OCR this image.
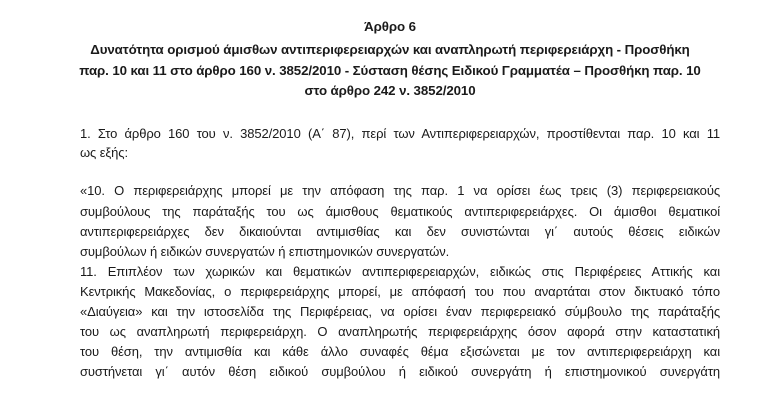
Άρθρο 6
Δυνατότητα ορισμού άμισθων αντιπεριφερειαρχών και αναπληρωτή περιφερειάρχη - Προσθήκη
παρ. 10 και 11 στο άρθρο 160 ν. 3852/2010 - Σύσταση θέσης Ειδικού Γραμματέα – Προσθήκη παρ. 10
στο άρθρο 242 ν. 3852/2010
1. Στο άρθρο 160 του ν. 3852/2010 (Α΄ 87), περί των Αντιπεριφερειαρχών, προστίθενται παρ. 10 και 11
ως εξής:
«10. Ο περιφερειάρχης μπορεί με την απόφαση της παρ. 1 να ορίσει έως τρεις (3) περιφερειακούς
συμβούλους της παράταξής του ως άμισθους θεματικούς αντιπεριφερειάρχες. Οι άμισθοι θεματικοί
αντιπεριφερειάρχες δεν δικαιούνται αντιμισθίας και δεν συνιστώνται γι΄ αυτούς θέσεις ειδικών
συμβούλων ή ειδικών συνεργατών ή επιστημονικών συνεργατών.
11. Επιπλέον των χωρικών και θεματικών αντιπεριφερειαρχών, ειδικώς στις Περιφέρειες Αττικής και
Κεντρικής Μακεδονίας, ο περιφερειάρχης μπορεί, με απόφασή του που αναρτάται στον δικτυακό τόπο
«Διαύγεια» και την ιστοσελίδα της Περιφέρειας, να ορίσει έναν περιφερειακό σύμβουλο της παράταξής
του ως αναπληρωτή περιφερειάρχη. Ο αναπληρωτής περιφερειάρχης όσον αφορά στην καταστατική
του θέση, την αντιμισθία και κάθε άλλο συναφές θέμα εξισώνεται με τον αντιπεριφερειάρχη και
συστήνεται γι΄ αυτόν θέση ειδικού συμβούλου ή ειδικού συνεργάτη ή επιστημονικού συνεργάτη
